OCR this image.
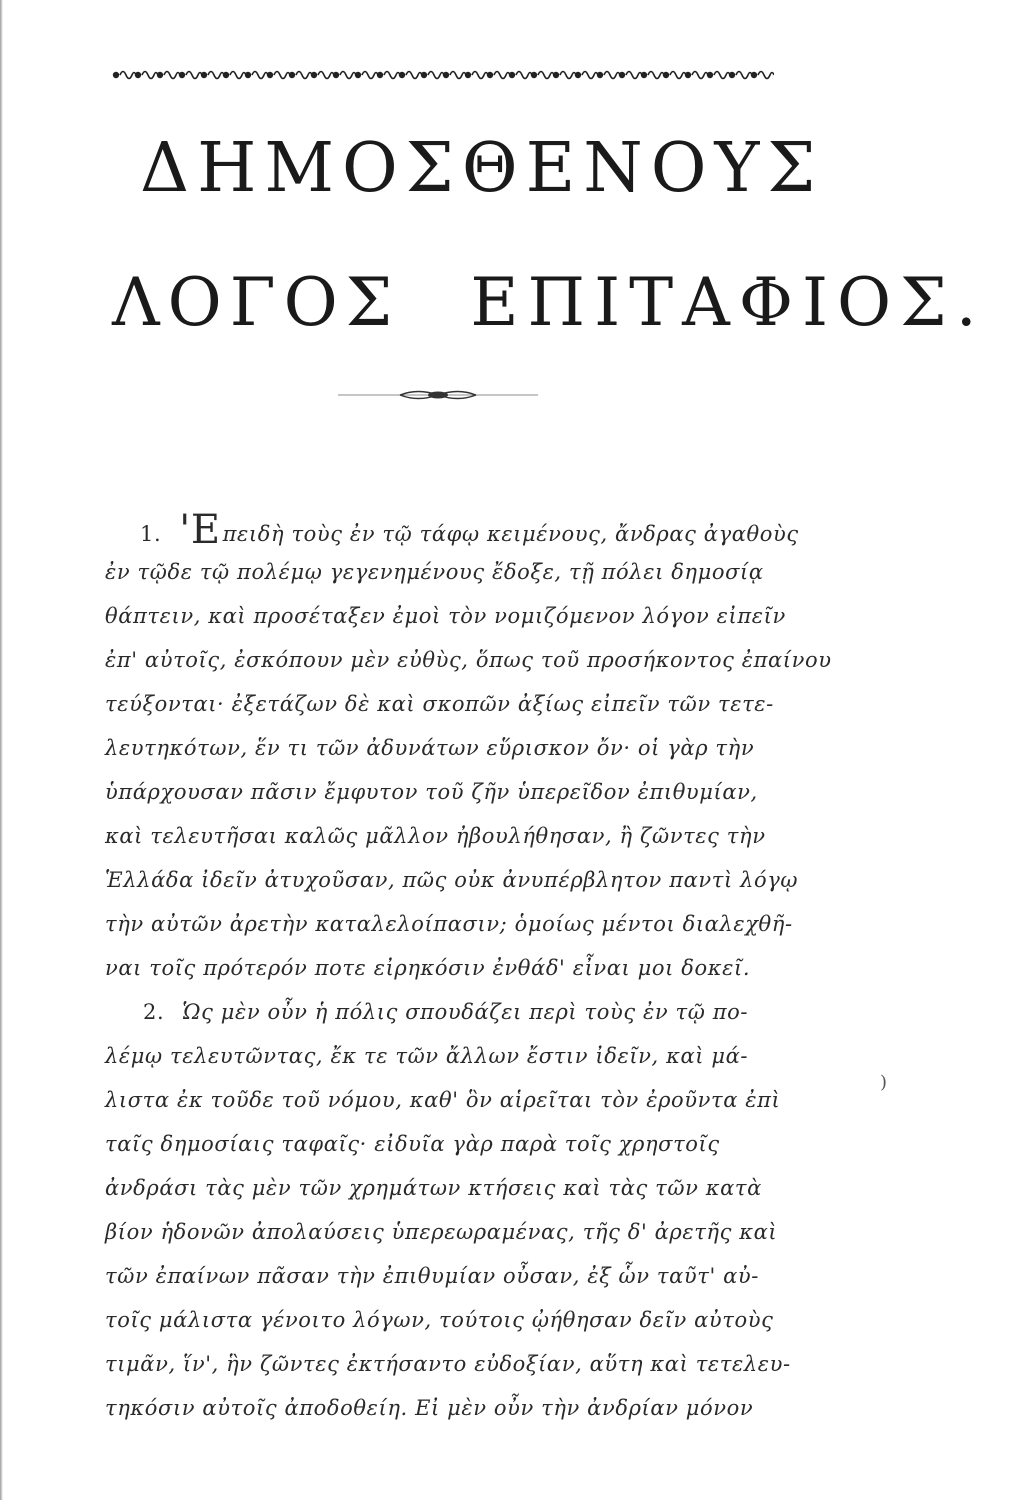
ΔΗΜΟΣΘΕΝΟΥΣ
ΛΟΓΟΣ ΕΠΙΤΑΦΙΟΣ.
1. 'Επειδὴ τοὺς ἐν τῷ τάφῳ κειμένους, ἄνδρας ἀγαθοὺς
ἐν τῷδε τῷ πολέμῳ γεγενημένους ἔδοξε, τῇ πόλει δημοσίᾳ
θάπτειν, καὶ προσέταξεν ἐμοὶ τὸν νομιζόμενον λόγον εἰπεῖν
ἐπ' αὐτοῖς, ἐσκόπουν μὲν εὐθὺς, ὅπως τοῦ προσήκοντος ἐπαίνου
τεύξονται· ἐξετάζων δὲ καὶ σκοπῶν ἀξίως εἰπεῖν τῶν τετε-
λευτηκότων, ἕν τι τῶν ἀδυνάτων εὕρισκον ὄν· οἱ γὰρ τὴν
ὑπάρχουσαν πᾶσιν ἔμφυτον τοῦ ζῆν ὑπερεῖδον ἐπιθυμίαν,
καὶ τελευτῆσαι καλῶς μᾶλλον ἠβουλήθησαν, ἢ ζῶντες τὴν
Ἑλλάδα ἰδεῖν ἀτυχοῦσαν, πῶς οὐκ ἀνυπέρβλητον παντὶ λόγῳ
τὴν αὐτῶν ἀρετὴν καταλελοίπασιν; ὁμοίως μέντοι διαλεχθῆ-
ναι τοῖς πρότερόν ποτε εἰρηκόσιν ἐνθάδ' εἶναι μοι δοκεῖ.
2. Ὡς μὲν οὖν ἡ πόλις σπουδάζει περὶ τοὺς ἐν τῷ πο-
λέμῳ τελευτῶντας, ἔκ τε τῶν ἄλλων ἔστιν ἰδεῖν, καὶ μά-
λιστα ἐκ τοῦδε τοῦ νόμου, καθ' ὃν αἱρεῖται τὸν ἐροῦντα ἐπὶ
ταῖς δημοσίαις ταφαῖς· εἰδυῖα γὰρ παρὰ τοῖς χρηστοῖς
ἀνδράσι τὰς μὲν τῶν χρημάτων κτήσεις καὶ τὰς τῶν κατὰ
βίον ἡδονῶν ἀπολαύσεις ὑπερεωραμένας, τῆς δ' ἀρετῆς καὶ
τῶν ἐπαίνων πᾶσαν τὴν ἐπιθυμίαν οὖσαν, ἐξ ὧν ταῦτ' αὐ-
τοῖς μάλιστα γένοιτο λόγων, τούτοις ᾠήθησαν δεῖν αὐτοὺς
τιμᾶν, ἵν', ἣν ζῶντες ἐκτήσαντο εὐδοξίαν, αὕτη καὶ τετελευ-
τηκόσιν αὐτοῖς ἀποδοθείη. Εἰ μὲν οὖν τὴν ἀνδρίαν μόνον
)
